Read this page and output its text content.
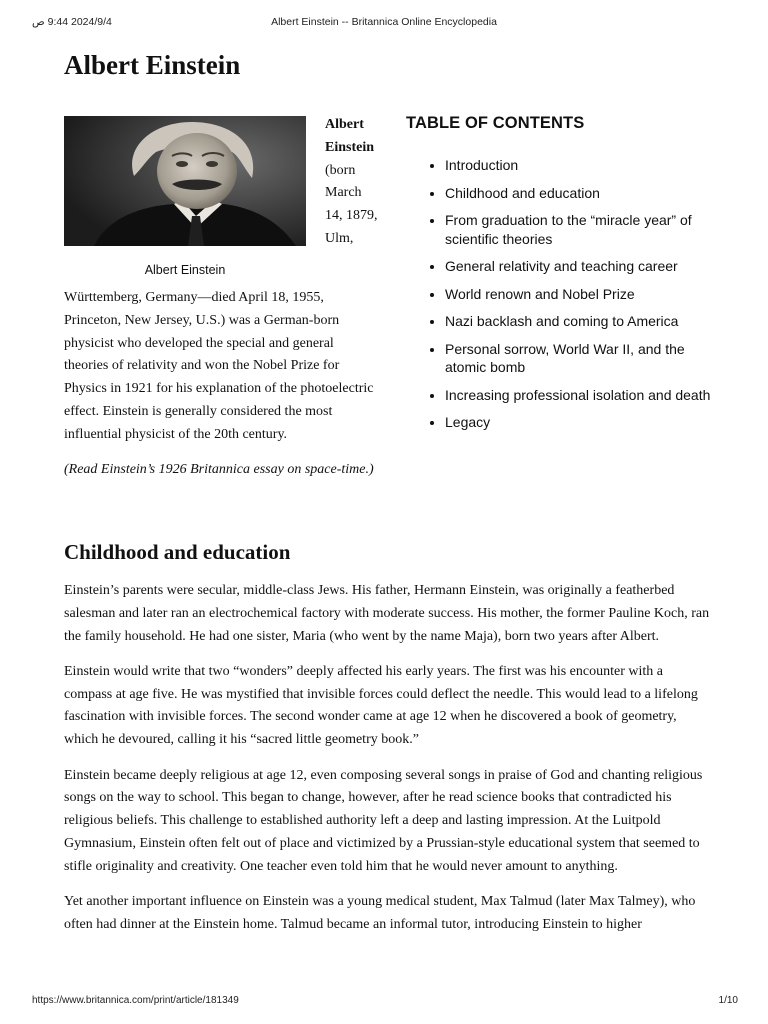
2024/9/4 9:44 ص	Albert Einstein -- Britannica Online Encyclopedia
Albert Einstein
Albert Einstein

Albert Einstein (born March 14, 1879, Ulm, Württemberg, Germany—died April 18, 1955, Princeton, New Jersey, U.S.) was a German-born physicist who developed the special and general theories of relativity and won the Nobel Prize for Physics in 1921 for his explanation of the photoelectric effect. Einstein is generally considered the most influential physicist of the 20th century.

(Read Einstein’s 1926 Britannica essay on space-time.)

TABLE OF CONTENTS
• Introduction
• Childhood and education
• From graduation to the “miracle year” of scientific theories
• General relativity and teaching career
• World renown and Nobel Prize
• Nazi backlash and coming to America
• Personal sorrow, World War II, and the atomic bomb
• Increasing professional isolation and death
• Legacy
Childhood and education

Einstein’s parents were secular, middle-class Jews. His father, Hermann Einstein, was originally a featherbed salesman and later ran an electrochemical factory with moderate success. His mother, the former Pauline Koch, ran the family household. He had one sister, Maria (who went by the name Maja), born two years after Albert.

Einstein would write that two “wonders” deeply affected his early years. The first was his encounter with a compass at age five. He was mystified that invisible forces could deflect the needle. This would lead to a lifelong fascination with invisible forces. The second wonder came at age 12 when he discovered a book of geometry, which he devoured, calling it his “sacred little geometry book.”

Einstein became deeply religious at age 12, even composing several songs in praise of God and chanting religious songs on the way to school. This began to change, however, after he read science books that contradicted his religious beliefs. This challenge to established authority left a deep and lasting impression. At the Luitpold Gymnasium, Einstein often felt out of place and victimized by a Prussian-style educational system that seemed to stifle originality and creativity. One teacher even told him that he would never amount to anything.

Yet another important influence on Einstein was a young medical student, Max Talmud (later Max Talmey), who often had dinner at the Einstein home. Talmud became an informal tutor, introducing Einstein to higher

https://www.britannica.com/print/article/181349	1/10
